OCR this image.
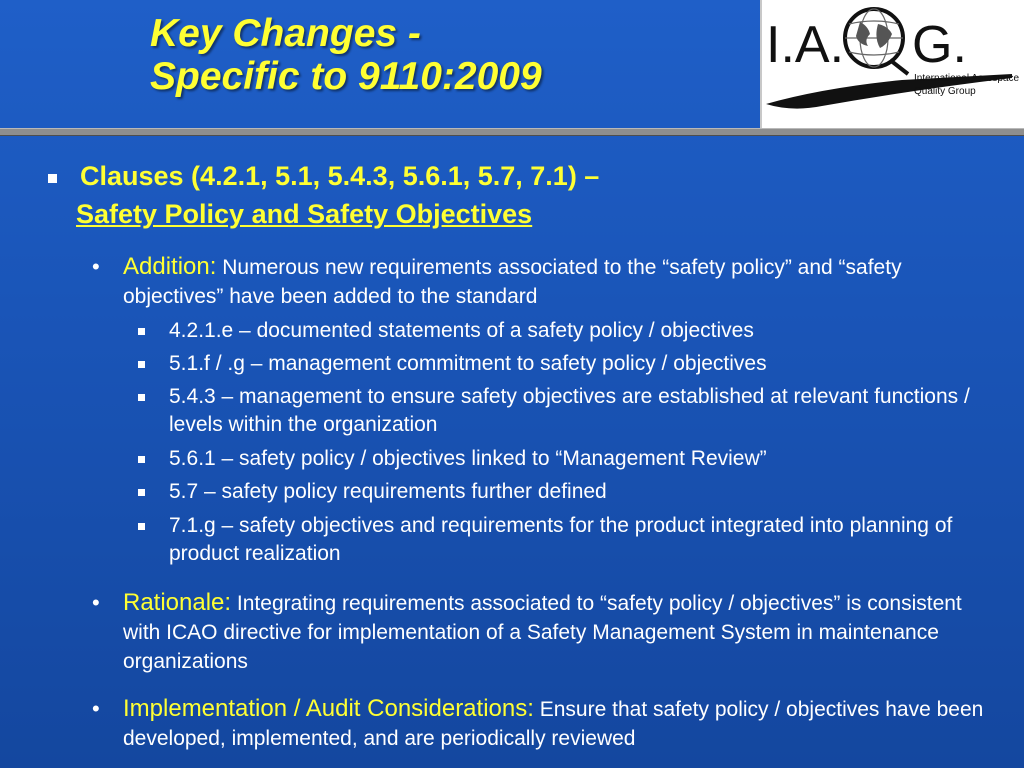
Key Changes -
Specific to 9110:2009
I.A. G.
International Aerospace
Quality Group
Clauses (4.2.1, 5.1, 5.4.3, 5.6.1, 5.7, 7.1) –
Safety Policy and Safety Objectives
• Addition: Numerous new requirements associated to the “safety policy” and “safety objectives” have been added to the standard
4.2.1.e – documented statements of a safety policy / objectives
5.1.f / .g – management commitment to safety policy / objectives
5.4.3 – management to ensure safety objectives are established at relevant functions / levels within the organization
5.6.1 – safety policy / objectives linked to “Management Review”
5.7 – safety policy requirements further defined
7.1.g – safety objectives and requirements for the product integrated into planning of product realization
• Rationale: Integrating requirements associated to “safety policy / objectives” is consistent with ICAO directive for implementation of a Safety Management System in maintenance organizations
• Implementation / Audit Considerations: Ensure that safety policy / objectives have been developed, implemented, and are periodically reviewed
